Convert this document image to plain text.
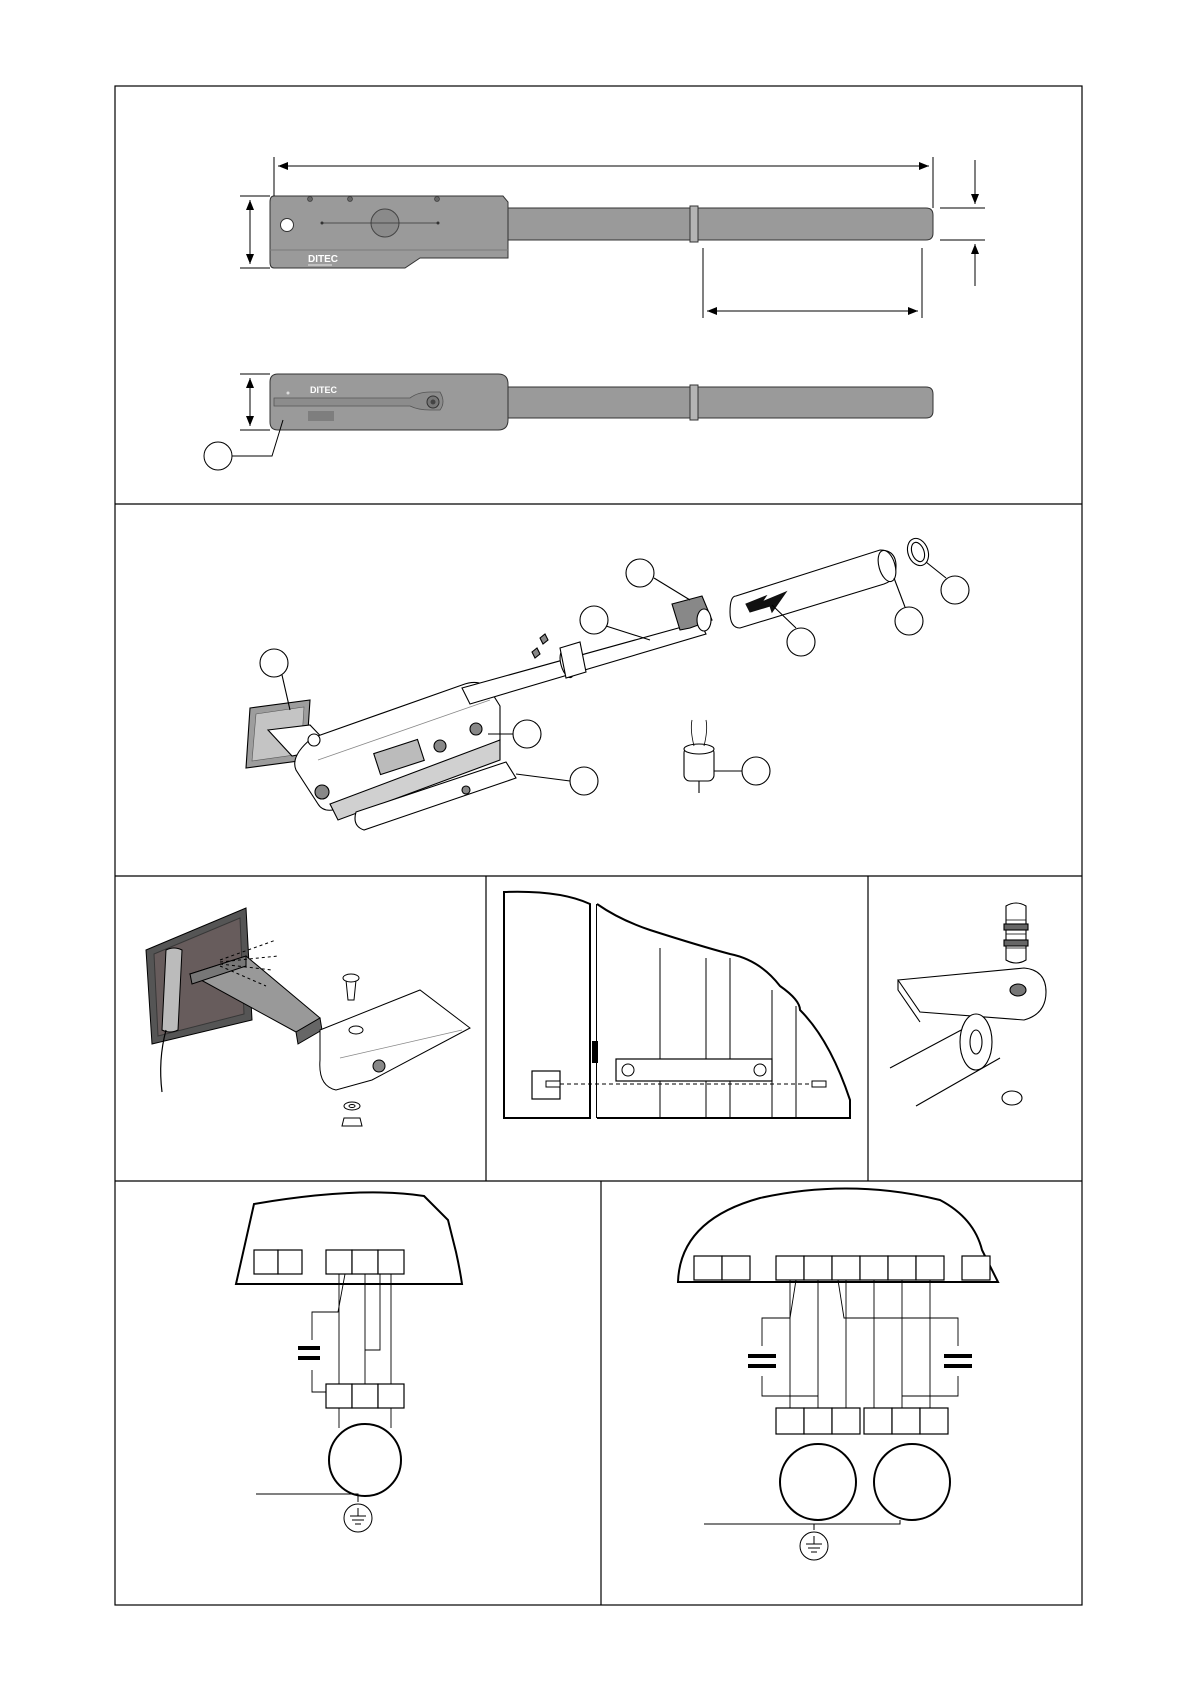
DITEC
DITEC
